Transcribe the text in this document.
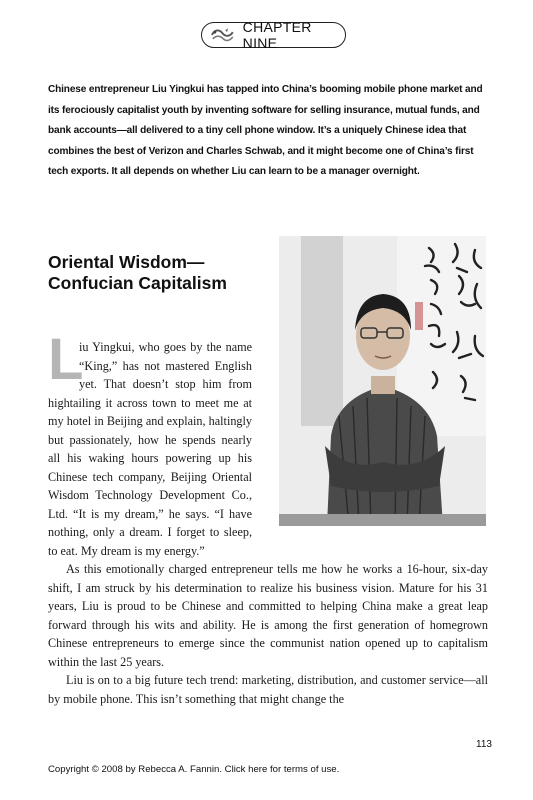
CHAPTER NINE

Chinese entrepreneur Liu Yingkui has tapped into China’s booming mobile phone market and its ferociously capitalist youth by inventing software for selling insurance, mutual funds, and bank accounts—all delivered to a tiny cell phone window. It’s a uniquely Chinese idea that combines the best of Verizon and Charles Schwab, and it might become one of China’s first tech exports. It all depends on whether Liu can learn to be a manager overnight.

Oriental Wisdom—
Confucian Capitalism
L

iu Yingkui, who goes by the name “King,” has not mastered English yet. That doesn’t stop him from hightailing it across town to meet me at my hotel in Beijing and explain, haltingly but passionately, how he spends nearly all his waking hours powering up his Chinese tech company, Beijing Oriental Wisdom Technology Development Co., Ltd. “It is my dream,” he says. “I have nothing, only a dream. I forget to sleep, to eat. My dream is my energy.”

As this emotionally charged entrepreneur tells me how he works a 16-hour, six-day shift, I am struck by his determination to realize his business vision. Mature for his 31 years, Liu is proud to be Chinese and committed to helping China make a great leap forward through his wits and ability. He is among the first generation of homegrown Chinese entrepreneurs to emerge since the communist nation opened up to capitalism within the last 25 years.

Liu is on to a big future tech trend: marketing, distribution, and customer service—all by mobile phone. This isn’t something that might change the

113
Copyright © 2008 by Rebecca A. Fannin. Click here for terms of use.
